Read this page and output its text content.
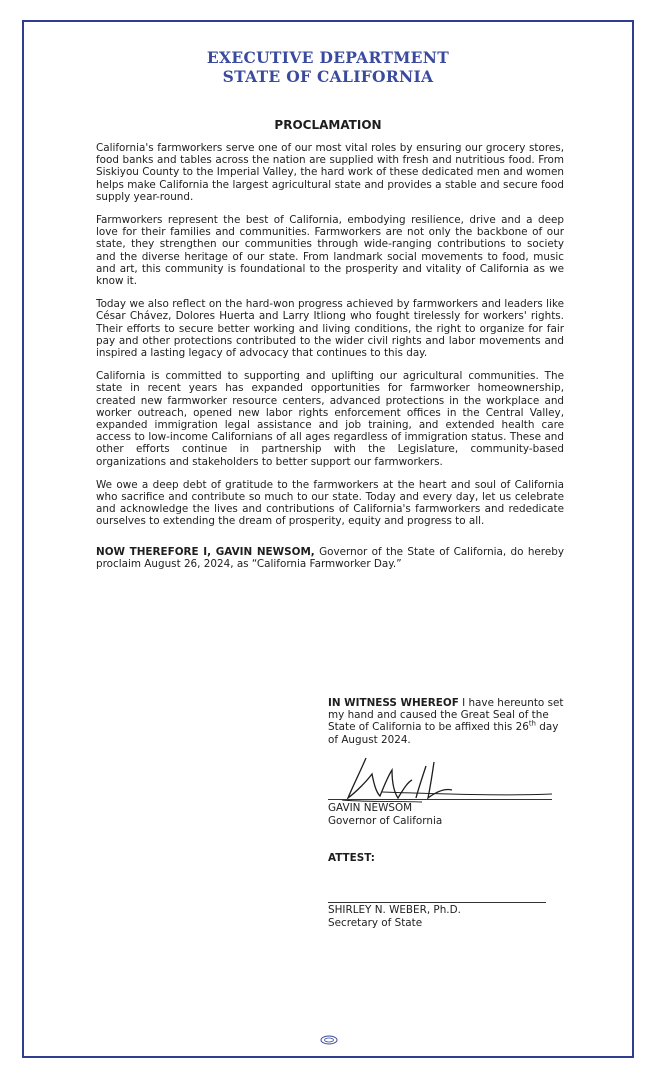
EXECUTIVE DEPARTMENT
STATE OF CALIFORNIA
PROCLAMATION

California's farmworkers serve one of our most vital roles by ensuring our grocery stores, food banks and tables across the nation are supplied with fresh and nutritious food. From Siskiyou County to the Imperial Valley, the hard work of these dedicated men and women helps make California the largest agricultural state and provides a stable and secure food supply year-round.

Farmworkers represent the best of California, embodying resilience, drive and a deep love for their families and communities. Farmworkers are not only the backbone of our state, they strengthen our communities through wide-ranging contributions to society and the diverse heritage of our state. From landmark social movements to food, music and art, this community is foundational to the prosperity and vitality of California as we know it.

Today we also reflect on the hard-won progress achieved by farmworkers and leaders like César Chávez, Dolores Huerta and Larry Itliong who fought tirelessly for workers' rights. Their efforts to secure better working and living conditions, the right to organize for fair pay and other protections contributed to the wider civil rights and labor movements and inspired a lasting legacy of advocacy that continues to this day.

California is committed to supporting and uplifting our agricultural communities. The state in recent years has expanded opportunities for farmworker homeownership, created new farmworker resource centers, advanced protections in the workplace and worker outreach, opened new labor rights enforcement offices in the Central Valley, expanded immigration legal assistance and job training, and extended health care access to low-income Californians of all ages regardless of immigration status. These and other efforts continue in partnership with the Legislature, community-based organizations and stakeholders to better support our farmworkers.

We owe a deep debt of gratitude to the farmworkers at the heart and soul of California who sacrifice and contribute so much to our state. Today and every day, let us celebrate and acknowledge the lives and contributions of California's farmworkers and rededicate ourselves to extending the dream of prosperity, equity and progress to all.

NOW THEREFORE I, GAVIN NEWSOM, Governor of the State of California, do hereby proclaim August 26, 2024, as “California Farmworker Day.”

IN WITNESS WHEREOF I have hereunto set my hand and caused the Great Seal of the State of California to be affixed this 26th day of August 2024.
GAVIN NEWSOM
Governor of California
ATTEST:
SHIRLEY N. WEBER, Ph.D.
Secretary of State
